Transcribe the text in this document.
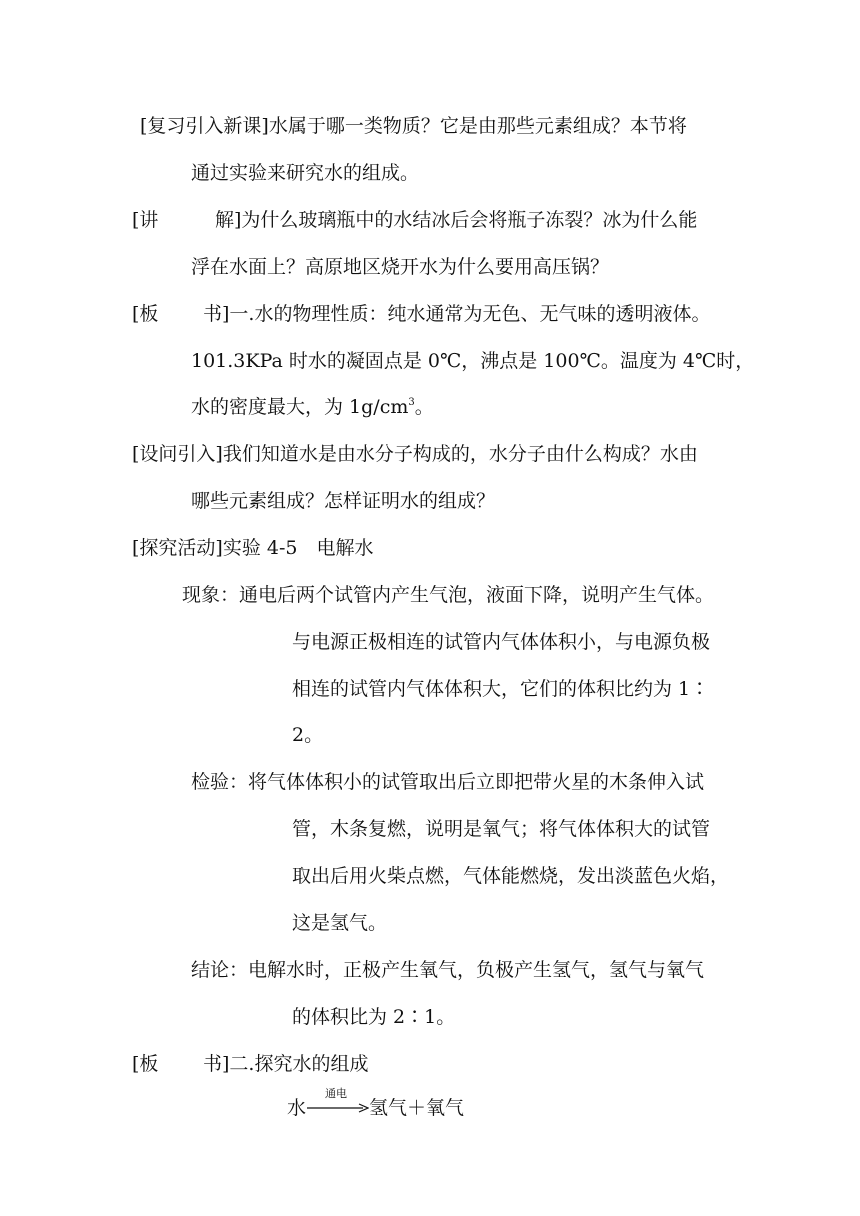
[复习引入新课]水属于哪一类物质？它是由那些元素组成？本节将
通过实验来研究水的组成。
[讲	解]为什么玻璃瓶中的水结冰后会将瓶子冻裂？冰为什么能
浮在水面上？高原地区烧开水为什么要用高压锅？
[板 书]一.水的物理性质：纯水通常为无色、无气味的透明液体。
101.3KPa 时水的凝固点是 0℃，沸点是 100℃。温度为 4℃时，
水的密度最大，为 $1g/cm^3$。
[设问引入]我们知道水是由水分子构成的，水分子由什么构成？水由
哪些元素组成？怎样证明水的组成？
[探究活动]实验 4-5　电解水
现象：通电后两个试管内产生气泡，液面下降，说明产生气体。
与电源正极相连的试管内气体体积小，与电源负极
相连的试管内气体体积大，它们的体积比约为 1∶
2。
检验：将气体体积小的试管取出后立即把带火星的木条伸入试
管，木条复燃，说明是氧气；将气体体积大的试管
取出后用火柴点燃，气体能燃烧，发出淡蓝色火焰，
这是氢气。
结论：电解水时，正极产生氧气，负极产生氢气，氢气与氧气
的体积比为 2∶1。
[板 书]二.探究水的组成
水
通电
→ 氢气＋氧气
